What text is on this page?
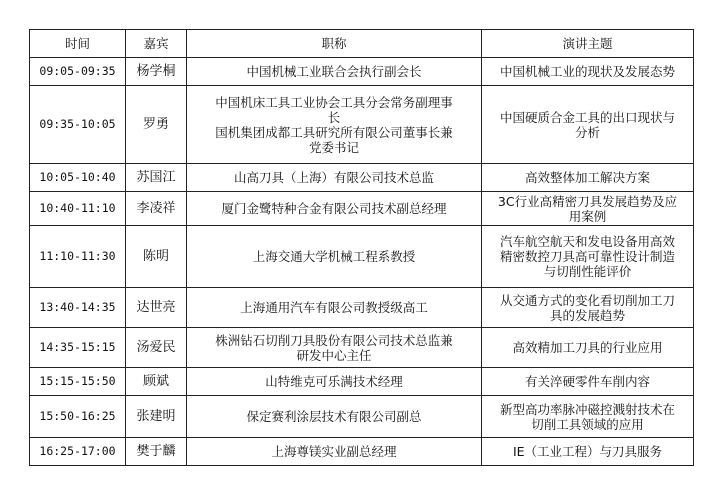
时间	嘉宾	职称	演讲主题
09:05-09:35	杨学桐	中国机械工业联合会执行副会长	中国机械工业的现状及发展态势

09:35-10:05	罗勇	中国机床工具工业协会工具分会常务副理事
长
国机集团成都工具研究所有限公司董事长兼
党委书记	中国硬质合金工具的出口现状与
分析

10:05-10:40	苏国江	山高刀具（上海）有限公司技术总监	高效整体加工解决方案

10:40-11:10	李凌祥	厦门金鹭特种合金有限公司技术副总经理	3C行业高精密刀具发展趋势及应
用案例

11:10-11:30	陈明	上海交通大学机械工程系教授	汽车航空航天和发电设备用高效
精密数控刀具高可靠性设计制造
与切削性能评价

13:40-14:35	达世亮	上海通用汽车有限公司教授级高工	从交通方式的变化看切削加工刀
具的发展趋势

14:35-15:15	汤爱民	株洲钻石切削刀具股份有限公司技术总监兼
研发中心主任	高效精加工刀具的行业应用

15:15-15:50	顾斌	山特维克可乐满技术经理	有关淬硬零件车削内容

15:50-16:25	张建明	保定赛利涂层技术有限公司副总	新型高功率脉冲磁控溅射技术在
切削工具领域的应用

16:25-17:00	樊于麟	上海尊镁实业副总经理	IE（工业工程）与刀具服务
